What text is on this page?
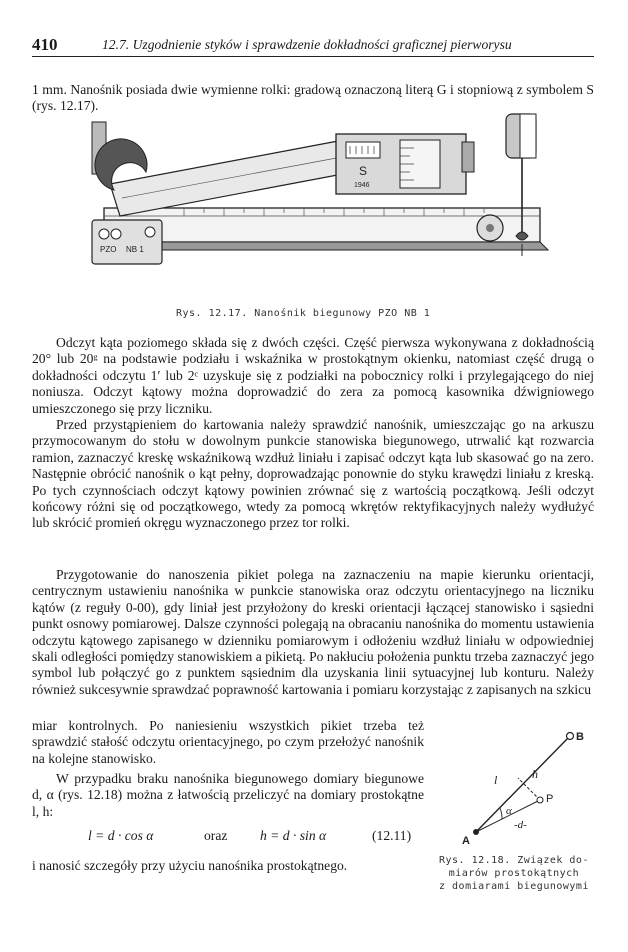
410	12.7. Uzgodnienie styków i sprawdzenie dokładności graficznej pierworysu

1 mm. Nanośnik posiada dwie wymienne rolki: gradową oznaczoną literą G i stopniową z symbolem S (rys. 12.17).

S
1946
PZO NB 1
Rys. 12.17. Nanośnik biegunowy PZO NB 1

Odczyt kąta poziomego składa się z dwóch części. Część pierwsza wykonywana z dokładnością 20° lub 20ᵍ na podstawie podziału i wskaźnika w prostokątnym okienku, natomiast część drugą o dokładności odczytu 1′ lub 2ᶜ uzyskuje się z podziałki na pobocznicy rolki i przylegającego do niej noniusza. Odczyt kątowy można doprowadzić do zera za pomocą kasownika dźwigniowego umieszczonego się przy liczniku.

Przed przystąpieniem do kartowania należy sprawdzić nanośnik, umieszczając go na arkuszu przymocowanym do stołu w dowolnym punkcie stanowiska biegunowego, utrwalić kąt rozwarcia ramion, zaznaczyć kreskę wskaźnikową wzdłuż liniału i zapisać odczyt kąta lub skasować go na zero. Następnie obrócić nanośnik o kąt pełny, doprowadzając ponownie do styku krawędzi liniału z kreską. Po tych czynnościach odczyt kątowy powinien zrównać się z wartością początkową. Jeśli odczyt końcowy różni się od początkowego, wtedy za pomocą wkrętów rektyfikacyjnych należy wydłużyć lub skrócić promień okręgu wyznaczonego przez tor rolki.

Przygotowanie do nanoszenia pikiet polega na zaznaczeniu na mapie kierunku orientacji, centrycznym ustawieniu nanośnika w punkcie stanowiska oraz odczytu orientacyjnego na liczniku kątów (z reguły 0-00), gdy liniał jest przyłożony do kreski orientacji łączącej stanowisko i sąsiedni punkt osnowy pomiarowej. Dalsze czynności polegają na obracaniu nanośnika do momentu ustawienia odczytu kątowego zapisanego w dzienniku pomiarowym i odłożeniu wzdłuż liniału w odpowiedniej skali odległości pomiędzy stanowiskiem a pikietą. Po nakłuciu położenia punktu trzeba zaznaczyć jego symbol lub połączyć go z punktem sąsiednim dla uzyskania linii sytuacyjnej lub konturu. Należy również sukcesywnie sprawdzać poprawność kartowania i pomiaru korzystając z zapisanych na szkicu

miar kontrolnych. Po naniesieniu wszystkich pikiet trzeba też sprawdzić stałość odczytu orientacyjnego, po czym przełożyć nanośnik na kolejne stanowisko.

W przypadku braku nanośnika biegunowego domiary biegunowe d, α (rys. 12.18) można z łatwością przeliczyć na domiary prostokątne l, h:

l = d · cos α	oraz h = d · sin α	(12.11)

i nanosić szczegóły przy użyciu nanośnika prostokątnego.

A
B
P
l	h
-d-
α
Rys. 12.18. Związek do-
miarów prostokątnych
z domiarami biegunowymi
